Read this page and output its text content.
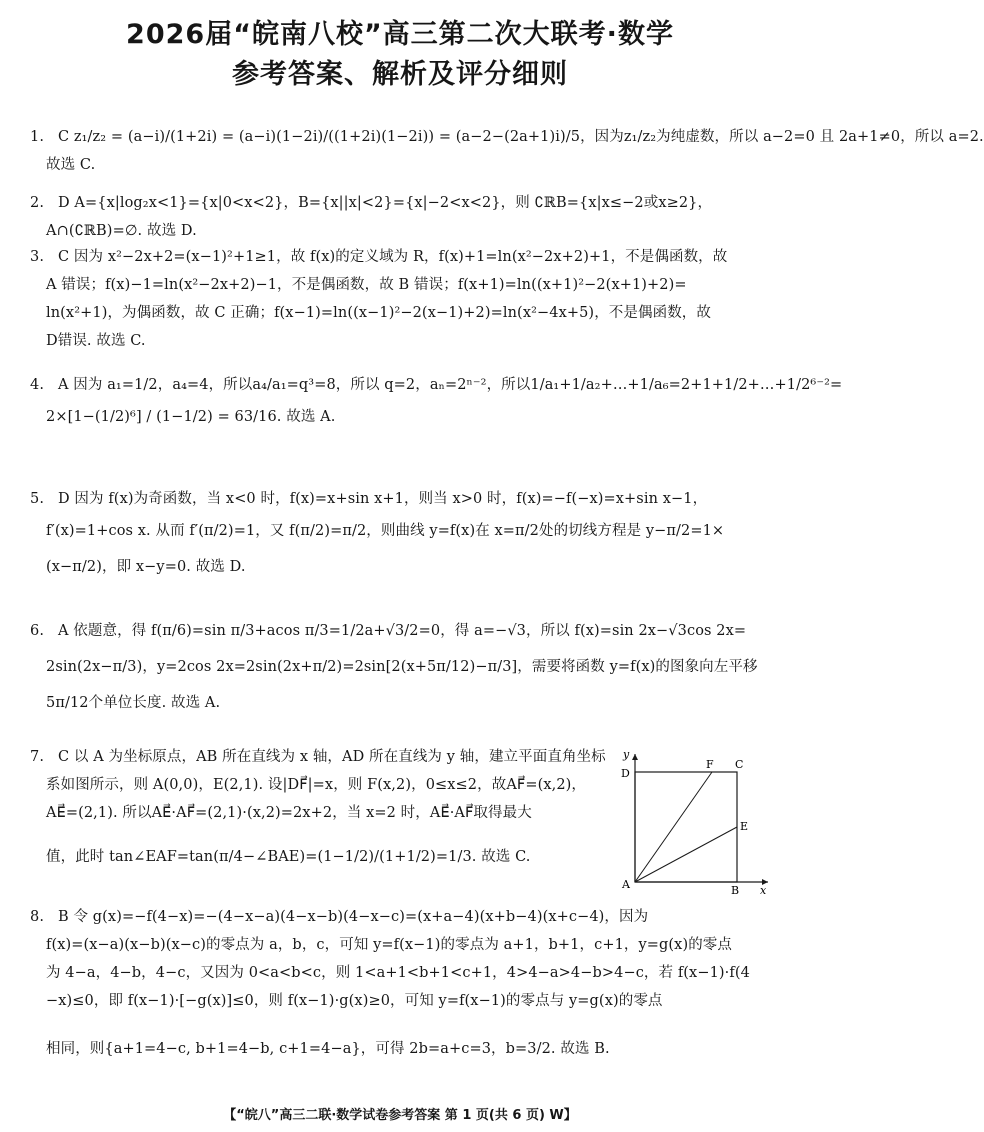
2026届“皖南八校”高三第二次大联考·数学
参考答案、解析及评分细则
1. C z₁/z₂ = (a−i)/(1+2i) = (a−i)(1−2i)/((1+2i)(1−2i)) = (a−2−(2a+1)i)/5，因为z₁/z₂为纯虚数，所以 a−2=0 且 2a+1≠0，所以 a=2.
故选 C.
2. D A={x|log₂x<1}={x|0<x<2}，B={x||x|<2}={x|−2<x<2}，则 ∁ℝB={x|x≤−2或x≥2}，
A∩(∁ℝB)=∅. 故选 D.
3. C 因为 x²−2x+2=(x−1)²+1≥1，故 f(x)的定义域为 R，f(x)+1=ln(x²−2x+2)+1，不是偶函数，故
A 错误；f(x)−1=ln(x²−2x+2)−1，不是偶函数，故 B 错误；f(x+1)=ln((x+1)²−2(x+1)+2)=
ln(x²+1)，为偶函数，故 C 正确；f(x−1)=ln((x−1)²−2(x−1)+2)=ln(x²−4x+5)，不是偶函数，故
D错误. 故选 C.
4. A 因为 a₁=1/2，a₄=4，所以a₄/a₁=q³=8，所以 q=2，aₙ=2ⁿ⁻²，所以1/a₁+1/a₂+…+1/a₆=2+1+1/2+…+1/2⁶⁻²=
2×[1−(1/2)⁶] / (1−1/2) = 63/16. 故选 A.
5. D 因为 f(x)为奇函数，当 x<0 时，f(x)=x+sin x+1，则当 x>0 时，f(x)=−f(−x)=x+sin x−1，
f′(x)=1+cos x. 从而 f′(π/2)=1，又 f(π/2)=π/2，则曲线 y=f(x)在 x=π/2处的切线方程是 y−π/2=1×
(x−π/2)，即 x−y=0. 故选 D.
6. A 依题意，得 f(π/6)=sin π/3+acos π/3=1/2a+√3/2=0，得 a=−√3，所以 f(x)=sin 2x−√3cos 2x=
2sin(2x−π/3)，y=2cos 2x=2sin(2x+π/2)=2sin[2(x+5π/12)−π/3]，需要将函数 y=f(x)的图象向左平移
5π/12个单位长度. 故选 A.
7. C 以 A 为坐标原点，AB 所在直线为 x 轴，AD 所在直线为 y 轴，建立平面直角坐标
系如图所示，则 A(0,0)，E(2,1). 设|DF⃗|=x，则 F(x,2)，0≤x≤2，故AF⃗=(x,2)，
AE⃗=(2,1). 所以AE⃗·AF⃗=(2,1)·(x,2)=2x+2，当 x=2 时，AE⃗·AF⃗取得最大
值，此时 tan∠EAF=tan(π/4−∠BAE)=(1−1/2)/(1+1/2)=1/3. 故选 C.
y
x
D
F C
E
A	B
8. B 令 g(x)=−f(4−x)=−(4−x−a)(4−x−b)(4−x−c)=(x+a−4)(x+b−4)(x+c−4)，因为
f(x)=(x−a)(x−b)(x−c)的零点为 a，b，c，可知 y=f(x−1)的零点为 a+1，b+1，c+1，y=g(x)的零点
为 4−a，4−b，4−c，又因为 0<a<b<c，则 1<a+1<b+1<c+1，4>4−a>4−b>4−c，若 f(x−1)·f(4
−x)≤0，即 f(x−1)·[−g(x)]≤0，则 f(x−1)·g(x)≥0，可知 y=f(x−1)的零点与 y=g(x)的零点
相同，则{a+1=4−c, b+1=4−b, c+1=4−a}，可得 2b=a+c=3，b=3/2. 故选 B.
【“皖八”高三二联·数学试卷参考答案 第 1 页(共 6 页) W】
